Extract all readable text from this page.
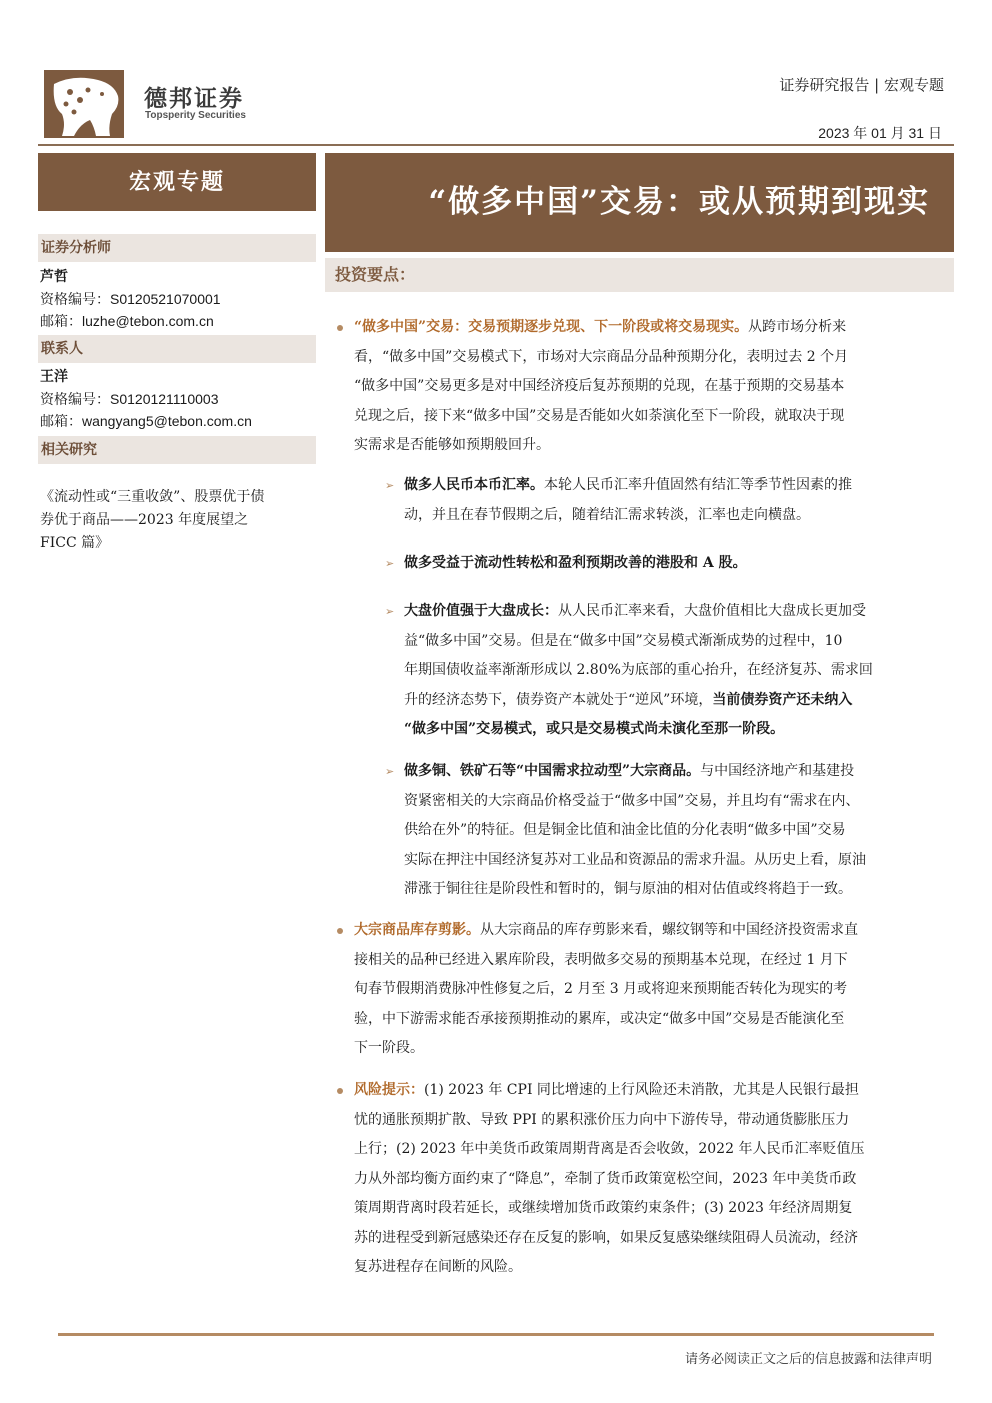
德邦证券
Topsperity Securities
证券研究报告 | 宏观专题
2023 年 01 月 31 日
宏观专题
“做多中国”交易：或从预期到现实
证券分析师
芦哲
资格编号：S0120521070001
邮箱：luzhe@tebon.com.cn
联系人
王洋
资格编号：S0120121110003
邮箱：wangyang5@tebon.com.cn
相关研究
《流动性或“三重收敛”、股票优于债
券优于商品——2023 年度展望之
FICC 篇》
投资要点：
“做多中国”交易：交易预期逐步兑现、下一阶段或将交易现实。从跨市场分析来
看，“做多中国”交易模式下，市场对大宗商品分品种预期分化，表明过去 2 个月
“做多中国”交易更多是对中国经济疫后复苏预期的兑现，在基于预期的交易基本
兑现之后，接下来“做多中国”交易是否能如火如荼演化至下一阶段，就取决于现
实需求是否能够如预期般回升。
➢ 做多人民币本币汇率。本轮人民币汇率升值固然有结汇等季节性因素的推
动，并且在春节假期之后，随着结汇需求转淡，汇率也走向横盘。
➢ 做多受益于流动性转松和盈利预期改善的港股和 A 股。
➢ 大盘价值强于大盘成长：从人民币汇率来看，大盘价值相比大盘成长更加受
益“做多中国”交易。但是在“做多中国”交易模式渐渐成势的过程中，10
年期国债收益率渐渐形成以 2.80%为底部的重心抬升，在经济复苏、需求回
升的经济态势下，债券资产本就处于“逆风”环境，当前债券资产还未纳入
“做多中国”交易模式，或只是交易模式尚未演化至那一阶段。
➢ 做多铜、铁矿石等“中国需求拉动型”大宗商品。与中国经济地产和基建投
资紧密相关的大宗商品价格受益于“做多中国”交易，并且均有“需求在内、
供给在外”的特征。但是铜金比值和油金比值的分化表明“做多中国”交易
实际在押注中国经济复苏对工业品和资源品的需求升温。从历史上看，原油
滞涨于铜往往是阶段性和暂时的，铜与原油的相对估值或终将趋于一致。
大宗商品库存剪影。从大宗商品的库存剪影来看，螺纹钢等和中国经济投资需求直
接相关的品种已经进入累库阶段，表明做多交易的预期基本兑现，在经过 1 月下
旬春节假期消费脉冲性修复之后，2 月至 3 月或将迎来预期能否转化为现实的考
验，中下游需求能否承接预期推动的累库，或决定“做多中国”交易是否能演化至
下一阶段。
风险提示：(1) 2023 年 CPI 同比增速的上行风险还未消散，尤其是人民银行最担
忧的通胀预期扩散、导致 PPI 的累积涨价压力向中下游传导，带动通货膨胀压力
上行；(2) 2023 年中美货币政策周期背离是否会收敛，2022 年人民币汇率贬值压
力从外部均衡方面约束了“降息”，牵制了货币政策宽松空间，2023 年中美货币政
策周期背离时段若延长，或继续增加货币政策约束条件；(3) 2023 年经济周期复
苏的进程受到新冠感染还存在反复的影响，如果反复感染继续阻碍人员流动，经济
复苏进程存在间断的风险。
请务必阅读正文之后的信息披露和法律声明
